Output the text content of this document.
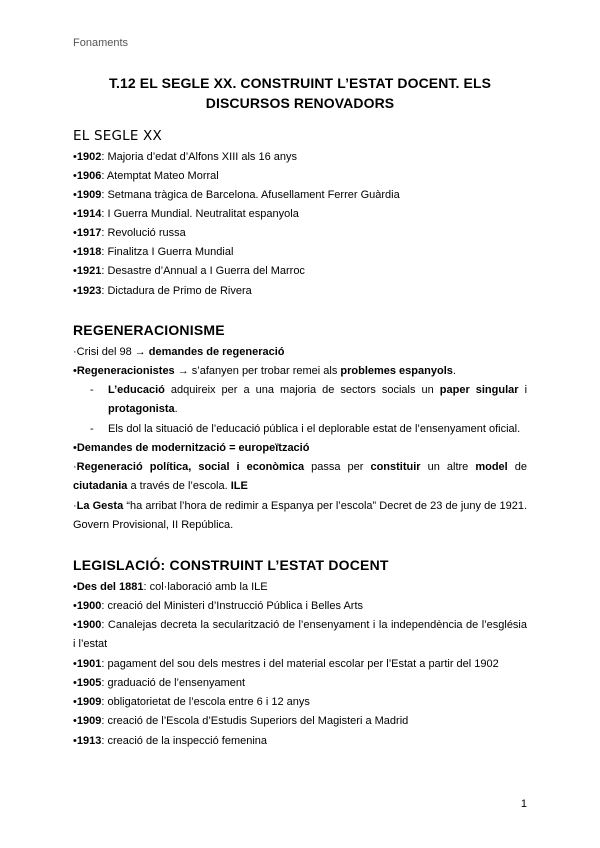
Fonaments
T.12 EL SEGLE XX. CONSTRUINT L’ESTAT DOCENT. ELS
DISCURSOS RENOVADORS
EL SEGLE XX
•1902: Majoria d’edat d’Alfons XIII als 16 anys
•1906: Atemptat Mateo Morral
•1909: Setmana tràgica de Barcelona. Afusellament Ferrer Guàrdia
•1914: I Guerra Mundial. Neutralitat espanyola
•1917: Revolució russa
•1918: Finalitza I Guerra Mundial
•1921: Desastre d’Annual a I Guerra del Marroc
•1923: Dictadura de Primo de Rivera
REGENERACIONISME
·Crisi del 98 → demandes de regeneració
•Regeneracionistes → s’afanyen per trobar remei als problemes espanyols.
- L’educació adquireix per a una majoria de sectors socials un paper singular i protagonista.
- Els dol la situació de l’educació pública i el deplorable estat de l’ensenyament oficial.
•Demandes de modernització = europeïtzació
·Regeneració política, social i econòmica passa per constituir un altre model de ciutadania a través de l’escola. ILE
·La Gesta “ha arribat l’hora de redimir a Espanya per l’escola” Decret de 23 de juny de 1921. Govern Provisional, II República.
LEGISLACIÓ: CONSTRUINT L’ESTAT DOCENT
•Des del 1881: col·laboració amb la ILE
•1900: creació del Ministeri d’Instrucció Pública i Belles Arts
•1900: Canalejas decreta la secularització de l’ensenyament i la independència de l’església i l’estat
•1901: pagament del sou dels mestres i del material escolar per l’Estat a partir del 1902
•1905: graduació de l’ensenyament
•1909: obligatorietat de l’escola entre 6 i 12 anys
•1909: creació de l’Escola d’Estudis Superiors del Magisteri a Madrid
•1913: creació de la inspecció femenina
1
